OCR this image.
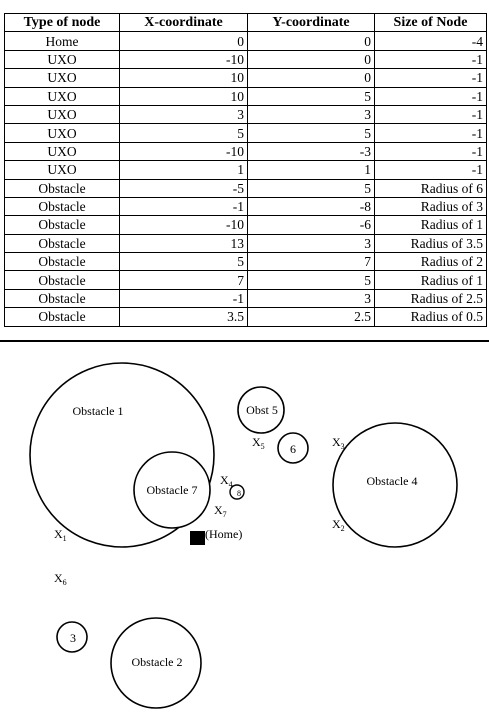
Type of node	X-coordinate	Y-coordinate	Size of Node
Home	0	0	-4
UXO	-10	0	-1
UXO	10	0	-1
UXO	10	5	-1
UXO	3	3	-1
UXO	5	5	-1
UXO	-10	-3	-1
UXO	1	1	-1
Obstacle	-5	5	Radius of 6
Obstacle	-1	-8	Radius of 3
Obstacle	-10	-6	Radius of 1
Obstacle	13	3	Radius of 3.5
Obstacle	5	7	Radius of 2
Obstacle	7	5	Radius of 1
Obstacle	-1	3	Radius of 2.5
Obstacle	3.5	2.5	Radius of 0.5
Obstacle 1
Obstacle 7
Obst 5
6
8
Obstacle 4
3
Obstacle 2
(Home)
$X_1$
$X_2$
$X_3$
$X_4$
$X_5$
$X_6$
$X_7$
